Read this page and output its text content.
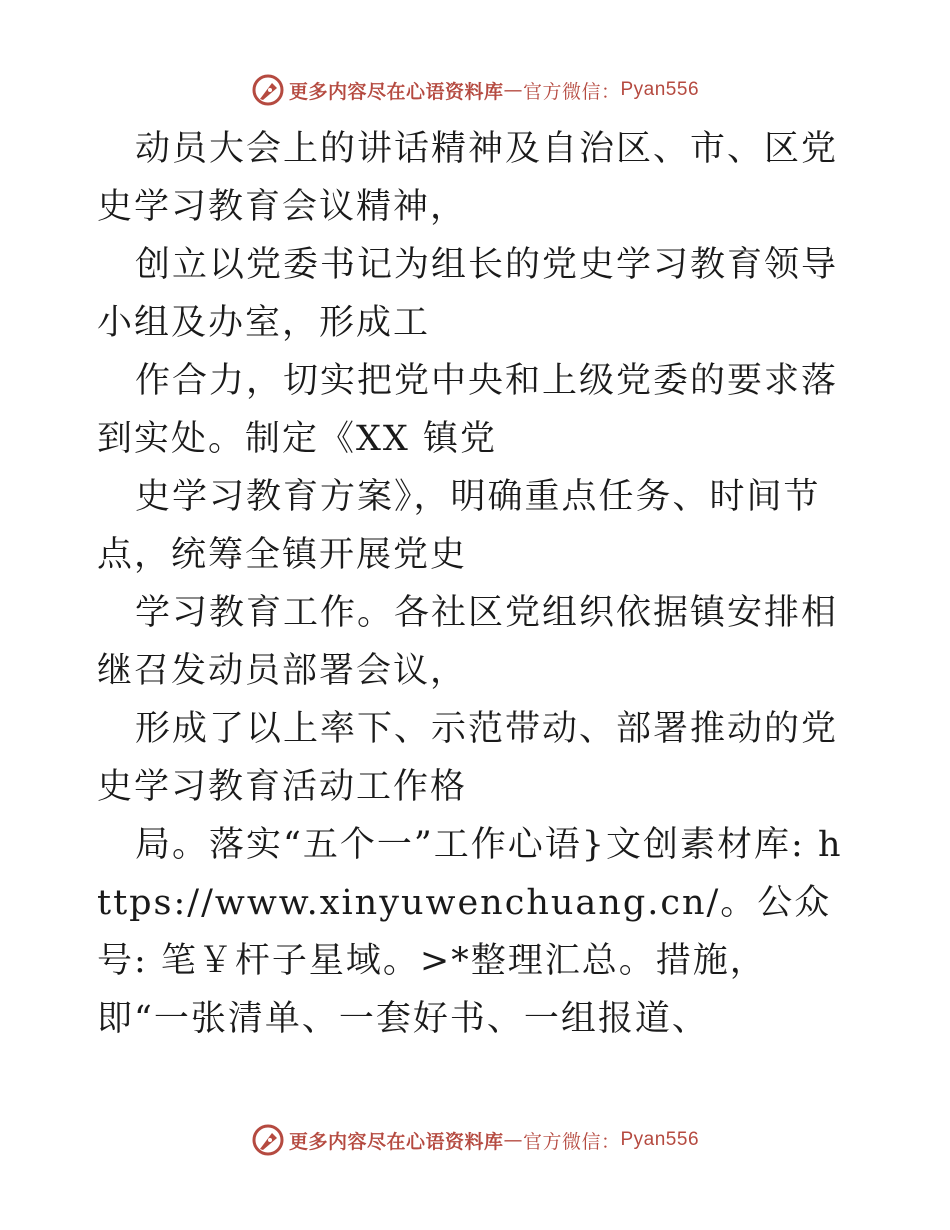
更多内容尽在心语资料库 — 官方微信： Pyan556

动员大会上的讲话精神及自治区、市、区党史学习教育会议精神，

创立以党委书记为组长的党史学习教育领导小组及办室，形成工

作合力，切实把党中央和上级党委的要求落到实处。制定《XX 镇党

史学习教育方案》，明确重点任务、时间节点，统筹全镇开展党史

学习教育工作。各社区党组织依据镇安排相继召发动员部署会议，

形成了以上率下、示范带动、部署推动的党史学习教育活动工作格

局。落实“五个一”工作心语}文创素材库: https://www.xinyuwenchuang.cn/。公众号: 笔￥杆子星域。>*整理汇总。措施，即“一张清单、一套好书、一组报道、

更多内容尽在心语资料库 — 官方微信： Pyan556
